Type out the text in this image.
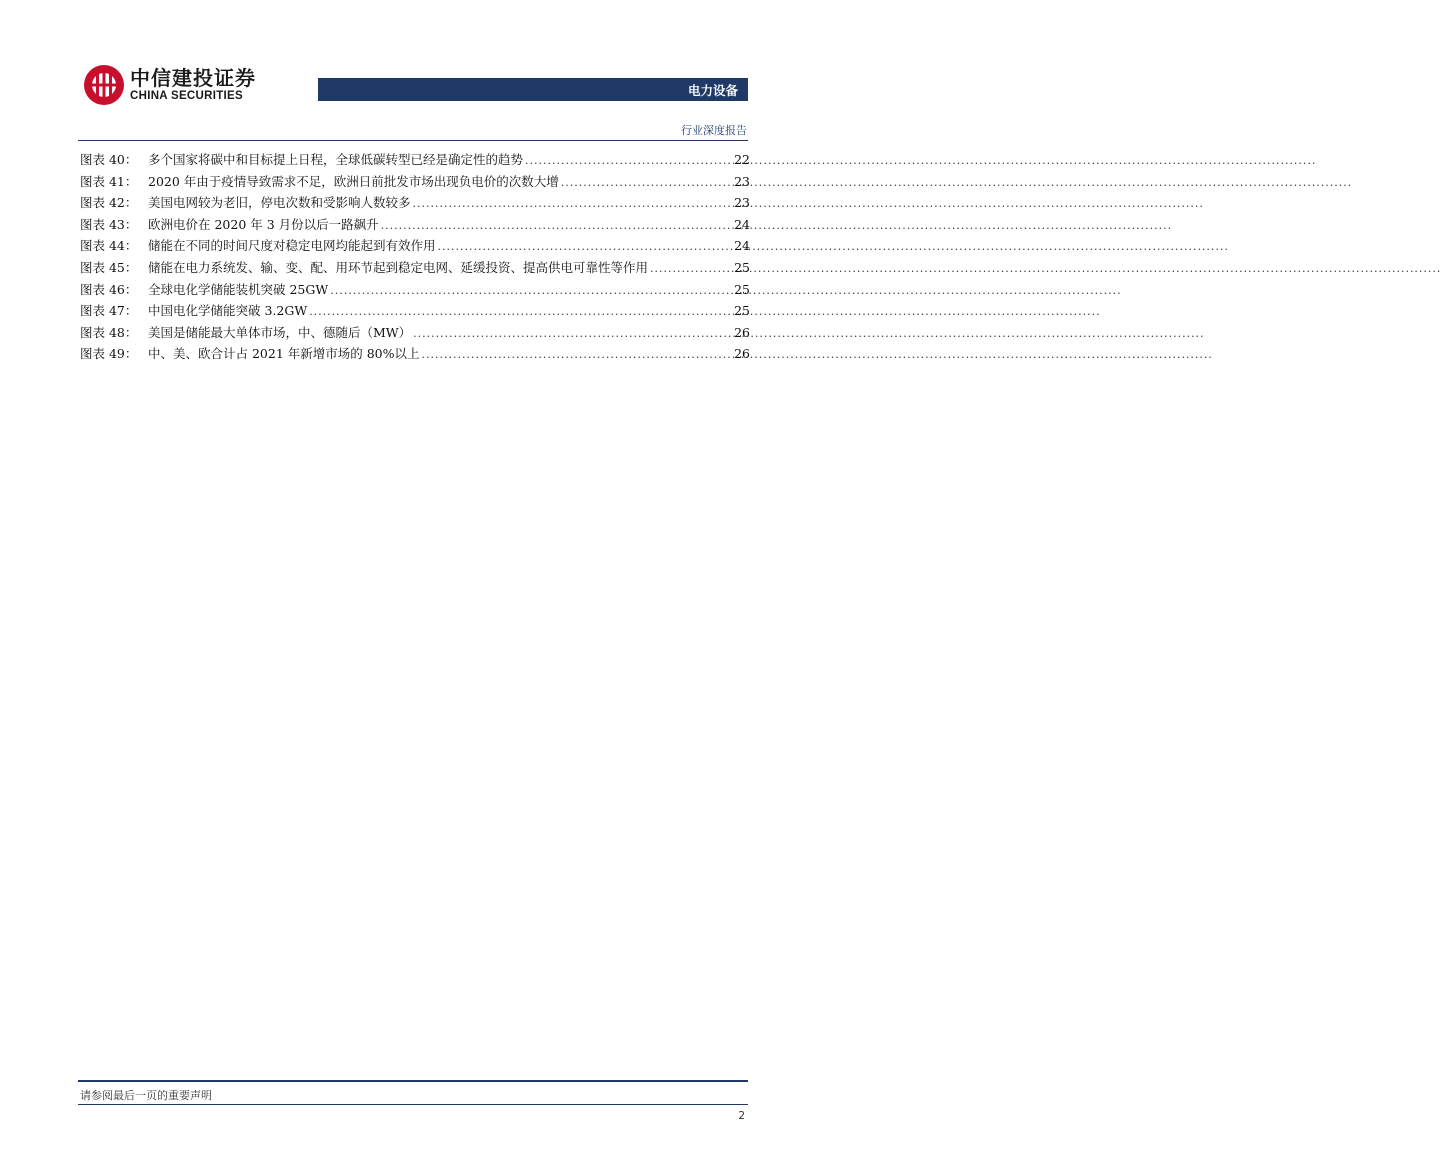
中信建投证券
CHINA SECURITIES	电力设备
行业深度报告
图表 40： 多个国家将碳中和目标提上日程，全球低碳转型已经是确定性的趋势 .....	22
图表 41： 2020 年由于疫情导致需求不足，欧洲日前批发市场出现负电价的次数大增 .....	23
图表 42： 美国电网较为老旧，停电次数和受影响人数较多 .....	23
图表 43： 欧洲电价在 2020 年 3 月份以后一路飙升 .....	24
图表 44： 储能在不同的时间尺度对稳定电网均能起到有效作用 .....	24
图表 45： 储能在电力系统发、输、变、配、用环节起到稳定电网、延缓投资、提高供电可靠性等作用 .....	25
图表 46： 全球电化学储能装机突破 25GW .....	25
图表 47： 中国电化学储能突破 3.2GW .....	25
图表 48： 美国是储能最大单体市场，中、德随后（MW） .....	26
图表 49： 中、美、欧合计占 2021 年新增市场的 80%以上 .....	26
请参阅最后一页的重要声明
2
